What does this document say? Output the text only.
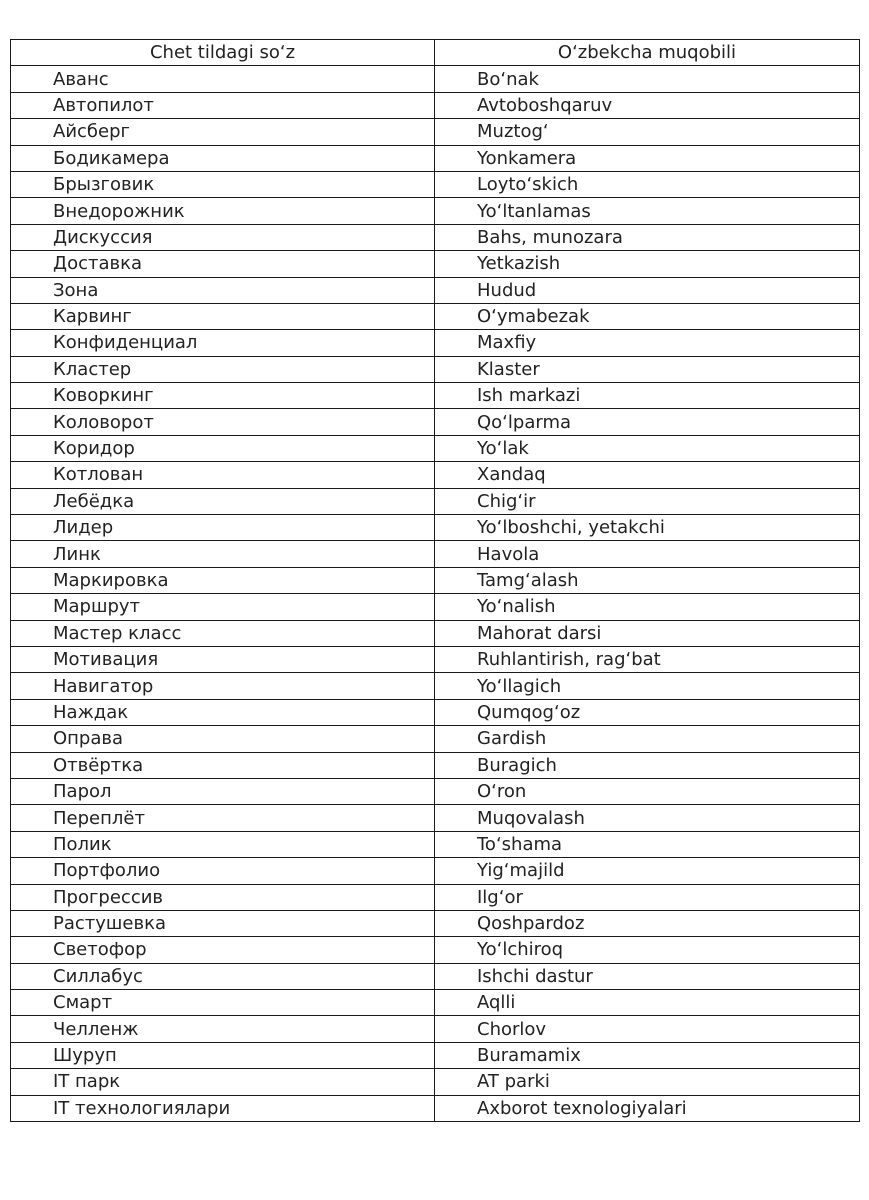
Chet tildagi so‘z	O‘zbekcha muqobili
Аванс	Bo‘nak
Автопилот	Avtoboshqaruv
Айсберг	Muztog‘
Бодикамера	Yonkamera
Брызговик	Loyto‘skich
Внедорожник	Yo‘ltanlamas
Дискуссия	Bahs, munozara
Доставка	Yetkazish
Зона	Hudud
Карвинг	O‘ymabezak
Конфиденциал	Maxfiy
Кластер	Klaster
Коворкинг	Ish markazi
Коловорот	Qo‘lparma
Коридор	Yo‘lak
Котлован	Xandaq
Лебёдка	Chig‘ir
Лидер	Yo‘lboshchi, yetakchi
Линк	Havola
Маркировка	Tamg‘alash
Маршрут	Yo‘nalish
Мастер класс	Mahorat darsi
Мотивация	Ruhlantirish, rag‘bat
Навигатор	Yo‘llagich
Наждак	Qumqog‘oz
Оправа	Gardish
Отвёртка	Buragich
Парол	O‘ron
Переплёт	Muqovalash
Полик	To‘shama
Портфолио	Yig‘majild
Прогрессив	Ilg‘or
Растушевка	Qoshpardoz
Светофор	Yo‘lchiroq
Силлабус	Ishchi dastur
Смарт	Aqlli
Челленж	Chorlov
Шуруп	Buramamix
IT парк	AT parki
IT технологиялари	Axborot texnologiyalari
